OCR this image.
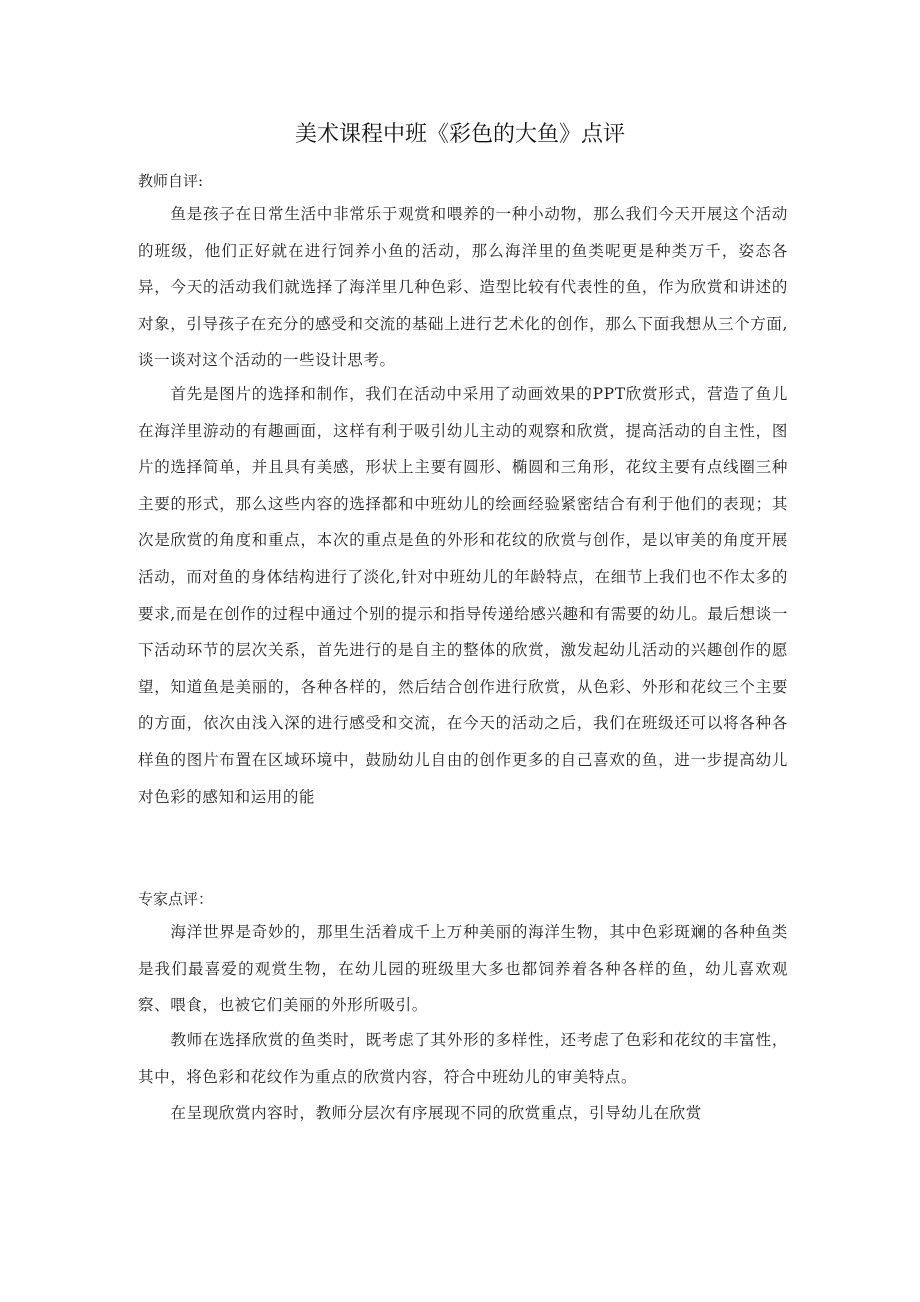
美术课程中班《彩色的大鱼》点评

教师自评:

鱼是孩子在日常生活中非常乐于观赏和喂养的一种小动物，那么我们今天开展这个活动的班级，他们正好就在进行饲养小鱼的活动，那么海洋里的鱼类呢更是种类万千，姿态各异，今天的活动我们就选择了海洋里几种色彩、造型比较有代表性的鱼，作为欣赏和讲述的对象，引导孩子在充分的感受和交流的基础上进行艺术化的创作，那么下面我想从三个方面,谈一谈对这个活动的一些设计思考。

首先是图片的选择和制作，我们在活动中采用了动画效果的PPT欣赏形式，营造了鱼儿在海洋里游动的有趣画面，这样有利于吸引幼儿主动的观察和欣赏，提高活动的自主性，图片的选择简单，并且具有美感，形状上主要有圆形、椭圆和三角形，花纹主要有点线圈三种主要的形式，那么这些内容的选择都和中班幼儿的绘画经验紧密结合有利于他们的表现；其次是欣赏的角度和重点，本次的重点是鱼的外形和花纹的欣赏与创作，是以审美的角度开展活动，而对鱼的身体结构进行了淡化,针对中班幼儿的年龄特点，在细节上我们也不作太多的要求,而是在创作的过程中通过个别的提示和指导传递给感兴趣和有需要的幼儿。最后想谈一下活动环节的层次关系，首先进行的是自主的整体的欣赏，激发起幼儿活动的兴趣创作的愿望，知道鱼是美丽的，各种各样的，然后结合创作进行欣赏，从色彩、外形和花纹三个主要的方面，依次由浅入深的进行感受和交流，在今天的活动之后，我们在班级还可以将各种各样鱼的图片布置在区域环境中，鼓励幼儿自由的创作更多的自己喜欢的鱼，进一步提高幼儿对色彩的感知和运用的能

专家点评：

海洋世界是奇妙的，那里生活着成千上万种美丽的海洋生物，其中色彩斑斓的各种鱼类是我们最喜爱的观赏生物，在幼儿园的班级里大多也都饲养着各种各样的鱼，幼儿喜欢观察、喂食，也被它们美丽的外形所吸引。

教师在选择欣赏的鱼类时，既考虑了其外形的多样性，还考虑了色彩和花纹的丰富性，其中，将色彩和花纹作为重点的欣赏内容，符合中班幼儿的审美特点。

在呈现欣赏内容时，教师分层次有序展现不同的欣赏重点，引导幼儿在欣赏
